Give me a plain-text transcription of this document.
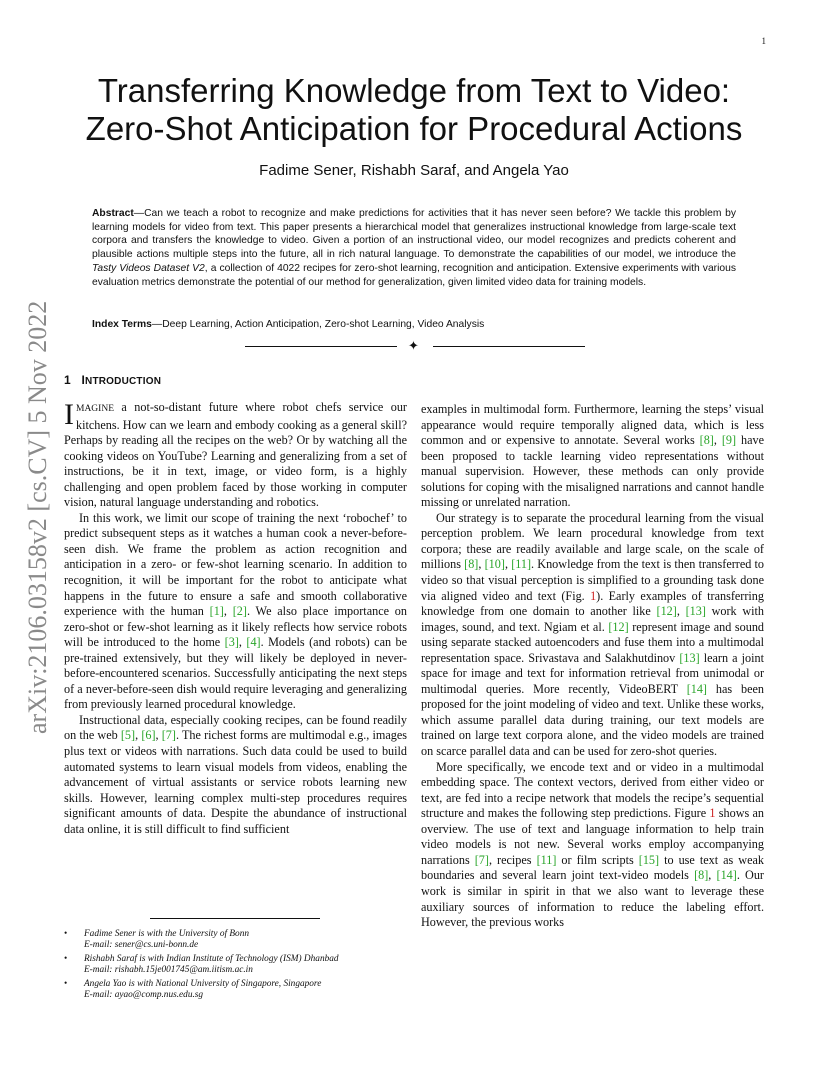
1
arXiv:2106.03158v2 [cs.CV] 5 Nov 2022
Transferring Knowledge from Text to Video:
Zero-Shot Anticipation for Procedural Actions
Fadime Sener, Rishabh Saraf, and Angela Yao

Abstract—Can we teach a robot to recognize and make predictions for activities that it has never seen before? We tackle this problem by learning models for video from text. This paper presents a hierarchical model that generalizes instructional knowledge from large-scale text corpora and transfers the knowledge to video. Given a portion of an instructional video, our model recognizes and predicts coherent and plausible actions multiple steps into the future, all in rich natural language. To demonstrate the capabilities of our model, we introduce the Tasty Videos Dataset V2, a collection of 4022 recipes for zero-shot learning, recognition and anticipation. Extensive experiments with various evaluation metrics demonstrate the potential of our method for generalization, given limited video data for training models.

Index Terms—Deep Learning, Action Anticipation, Zero-shot Learning, Video Analysis

✦
1 INTRODUCTION

IMAGINE a not-so-distant future where robot chefs service our kitchens. How can we learn and embody cooking as a general skill? Perhaps by reading all the recipes on the web? Or by watching all the cooking videos on YouTube? Learning and generalizing from a set of instructions, be it in text, image, or video form, is a highly challenging and open problem faced by those working in computer vision, natural language understanding and robotics.

In this work, we limit our scope of training the next ‘robochef’ to predict subsequent steps as it watches a human cook a never-before-seen dish. We frame the problem as action recognition and anticipation in a zero- or few-shot learning scenario. In addition to recognition, it will be important for the robot to anticipate what happens in the future to ensure a safe and smooth collaborative experience with the human [1], [2]. We also place importance on zero-shot or few-shot learning as it likely reflects how service robots will be introduced to the home [3], [4]. Models (and robots) can be pre-trained extensively, but they will likely be deployed in never-before-encountered scenarios. Successfully anticipating the next steps of a never-before-seen dish would require leveraging and generalizing from previously learned procedural knowledge.

Instructional data, especially cooking recipes, can be found readily on the web [5], [6], [7]. The richest forms are multimodal e.g., images plus text or videos with narrations. Such data could be used to build automated systems to learn visual models from videos, enabling the advancement of virtual assistants or service robots learning new skills. However, learning complex multi-step procedures requires significant amounts of data. Despite the abundance of instructional data online, it is still difficult to find sufficient

examples in multimodal form. Furthermore, learning the steps’ visual appearance would require temporally aligned data, which is less common and or expensive to annotate. Several works [8], [9] have been proposed to tackle learning video representations without manual supervision. However, these methods can only provide solutions for coping with the misaligned narrations and cannot handle missing or unrelated narration.

Our strategy is to separate the procedural learning from the visual perception problem. We learn procedural knowledge from text corpora; these are readily available and large scale, on the scale of millions [8], [10], [11]. Knowledge from the text is then transferred to video so that visual perception is simplified to a grounding task done via aligned video and text (Fig. 1). Early examples of transferring knowledge from one domain to another like [12], [13] work with images, sound, and text. Ngiam et al. [12] represent image and sound using separate stacked autoencoders and fuse them into a multimodal representation space. Srivastava and Salakhutdinov [13] learn a joint space for image and text for information retrieval from unimodal or multimodal queries. More recently, VideoBERT [14] has been proposed for the joint modeling of video and text. Unlike these works, which assume parallel data during training, our text models are trained on large text corpora alone, and the video models are trained on scarce parallel data and can be used for zero-shot queries.

More specifically, we encode text and or video in a multimodal embedding space. The context vectors, derived from either video or text, are fed into a recipe network that models the recipe’s sequential structure and makes the following step predictions. Figure 1 shows an overview. The use of text and language information to help train video models is not new. Several works employ accompanying narrations [7], recipes [11] or film scripts [15] to use text as weak boundaries and several learn joint text-video models [8], [14]. Our work is similar in spirit in that we also want to leverage these auxiliary sources of information to reduce the labeling effort. However, the previous works

• Fadime Sener is with the University of Bonn
E-mail: sener@cs.uni-bonn.de
• Rishabh Saraf is with Indian Institute of Technology (ISM) Dhanbad
E-mail: rishabh.15je001745@am.iitism.ac.in
• Angela Yao is with National University of Singapore, Singapore
E-mail: ayao@comp.nus.edu.sg
